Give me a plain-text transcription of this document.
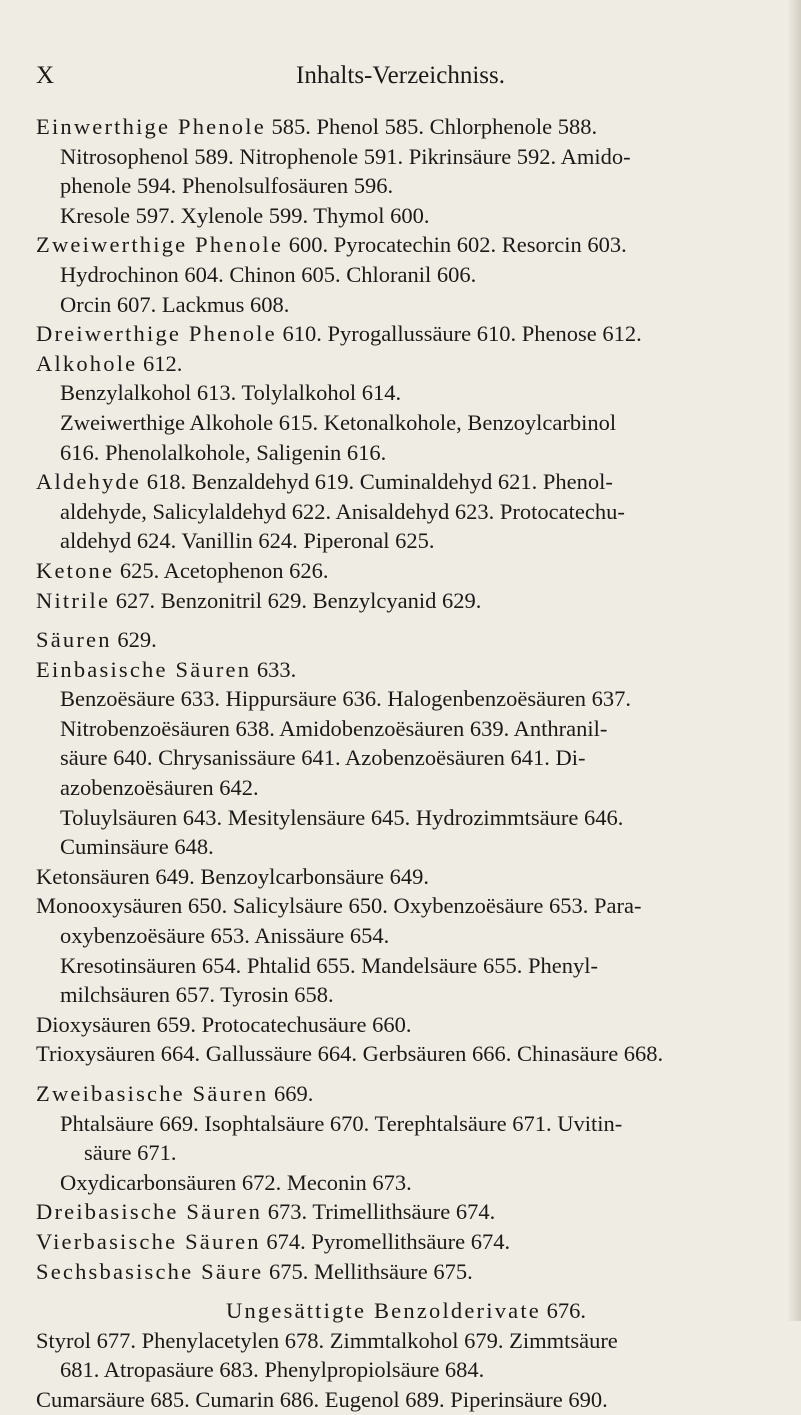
Inhalts-Verzeichniss.
X
Einwerthige Phenole 585. Phenol 585. Chlorphenole 588.
Nitrosophenol 589. Nitrophenole 591. Pikrinsäure 592. Amido-
phenole 594. Phenolsulfosäuren 596.
Kresole 597. Xylenole 599. Thymol 600.
Zweiwerthige Phenole 600. Pyrocatechin 602. Resorcin 603.
Hydrochinon 604. Chinon 605. Chloranil 606.
Orcin 607. Lackmus 608.
Dreiwerthige Phenole 610. Pyrogallussäure 610. Phenose 612.
Alkohole 612.
Benzylalkohol 613. Tolylalkohol 614.
Zweiwerthige Alkohole 615. Ketonalkohole, Benzoylcarbinol
616. Phenolalkohole, Saligenin 616.
Aldehyde 618. Benzaldehyd 619. Cuminaldehyd 621. Phenol-
aldehyde, Salicylaldehyd 622. Anisaldehyd 623. Protocatechu-
aldehyd 624. Vanillin 624. Piperonal 625.
Ketone 625. Acetophenon 626.
Nitrile 627. Benzonitril 629. Benzylcyanid 629.
Säuren 629.
Einbasische Säuren 633.
Benzoësäure 633. Hippursäure 636. Halogenbenzoësäuren 637.
Nitrobenzoësäuren 638. Amidobenzoësäuren 639. Anthranil-
säure 640. Chrysanissäure 641. Azobenzoësäuren 641. Di-
azobenzoësäuren 642.
Toluylsäuren 643. Mesitylensäure 645. Hydrozimmtsäure 646.
Cuminsäure 648.
Ketonsäuren 649. Benzoylcarbonsäure 649.
Monooxysäuren 650. Salicylsäure 650. Oxybenzoësäure 653. Para-
oxybenzoësäure 653. Anissäure 654.
Kresotinsäuren 654. Phtalid 655. Mandelsäure 655. Phenyl-
milchsäuren 657. Tyrosin 658.
Dioxysäuren 659. Protocatechusäure 660.
Trioxysäuren 664. Gallussäure 664. Gerbsäuren 666. Chinasäure 668.
Zweibasische Säuren 669.
Phtalsäure 669. Isophtalsäure 670. Terephtalsäure 671. Uvitin-
säure 671.
Oxydicarbonsäuren 672. Meconin 673.
Dreibasische Säuren 673. Trimellithsäure 674.
Vierbasische Säuren 674. Pyromellithsäure 674.
Sechsbasische Säure 675. Mellithsäure 675.
Ungesättigte Benzolderivate 676.
Styrol 677. Phenylacetylen 678. Zimmtalkohol 679. Zimmtsäure
681. Atropasäure 683. Phenylpropiolsäure 684.
Cumarsäure 685. Cumarin 686. Eugenol 689. Piperinsäure 690.
